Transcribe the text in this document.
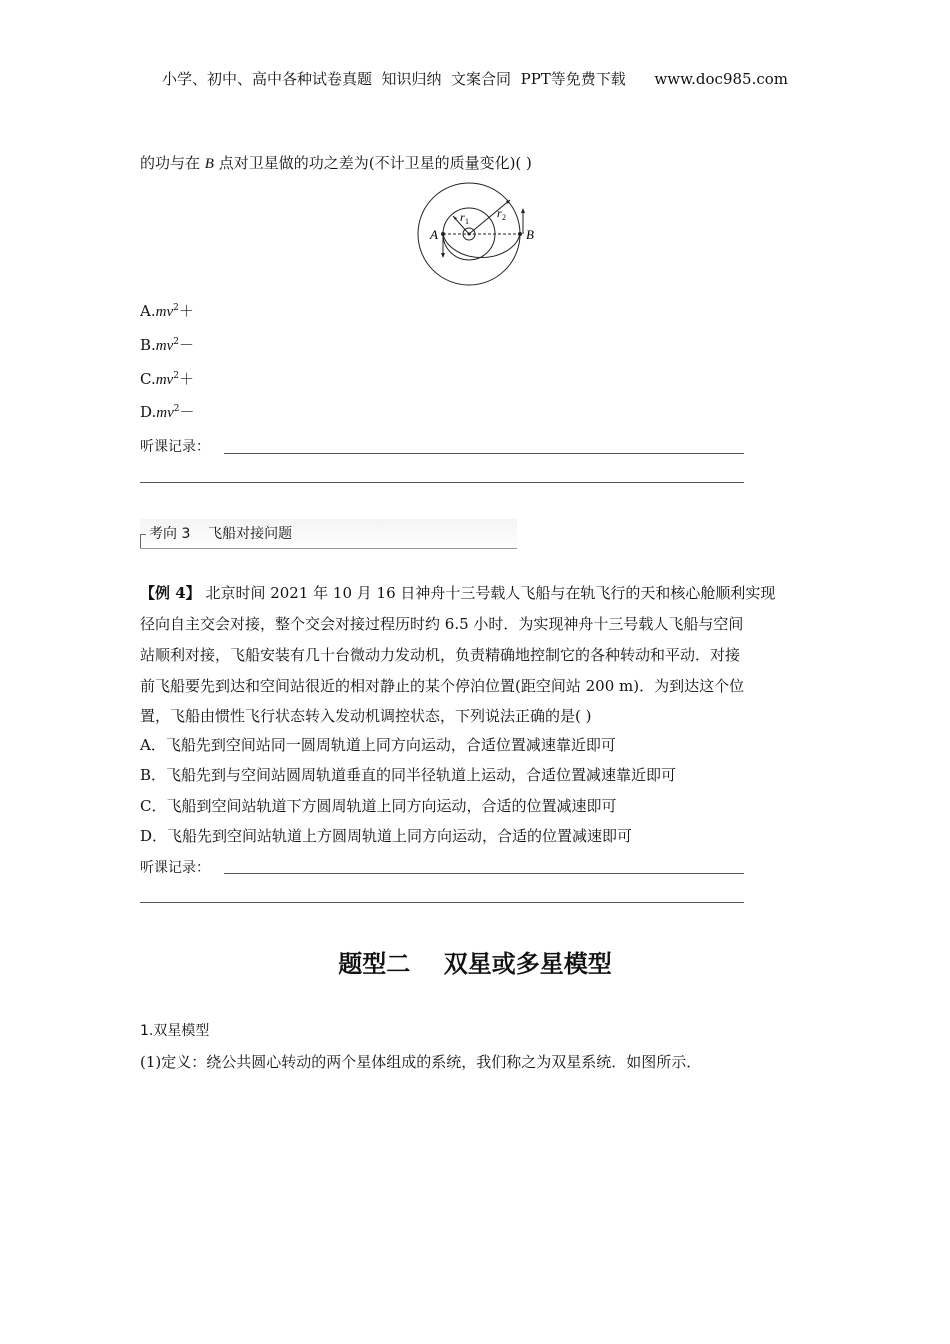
小学、初中、高中各种试卷真题  知识归纳  文案合同  PPT等免费下载 www.doc985.com
的功与在 B 点对卫星做的功之差为(不计卫星的质量变化)( )
A	B
r 1
r 2
$A.mv^2+$
$B.mv^2-$
$C.mv^2+$
$D.mv^2-$
听课记录：
考向 3    飞船对接问题
【例 4】 北京时间 2021 年 10 月 16 日神舟十三号载人飞船与在轨飞行的天和核心舱顺利实现
径向自主交会对接，整个交会对接过程历时约 6.5 小时．为实现神舟十三号载人飞船与空间
站顺利对接，飞船安装有几十台微动力发动机，负责精确地控制它的各种转动和平动．对接
前飞船要先到达和空间站很近的相对静止的某个停泊位置(距空间站 200 m)．为到达这个位
置，飞船由惯性飞行状态转入发动机调控状态，下列说法正确的是( )
A．飞船先到空间站同一圆周轨道上同方向运动，合适位置减速靠近即可
B．飞船先到与空间站圆周轨道垂直的同半径轨道上运动，合适位置减速靠近即可
C．飞船到空间站轨道下方圆周轨道上同方向运动，合适的位置减速即可
D．飞船先到空间站轨道上方圆周轨道上同方向运动，合适的位置减速即可
听课记录：
题型二    双星或多星模型
1.双星模型
(1)定义：绕公共圆心转动的两个星体组成的系统，我们称之为双星系统．如图所示．
